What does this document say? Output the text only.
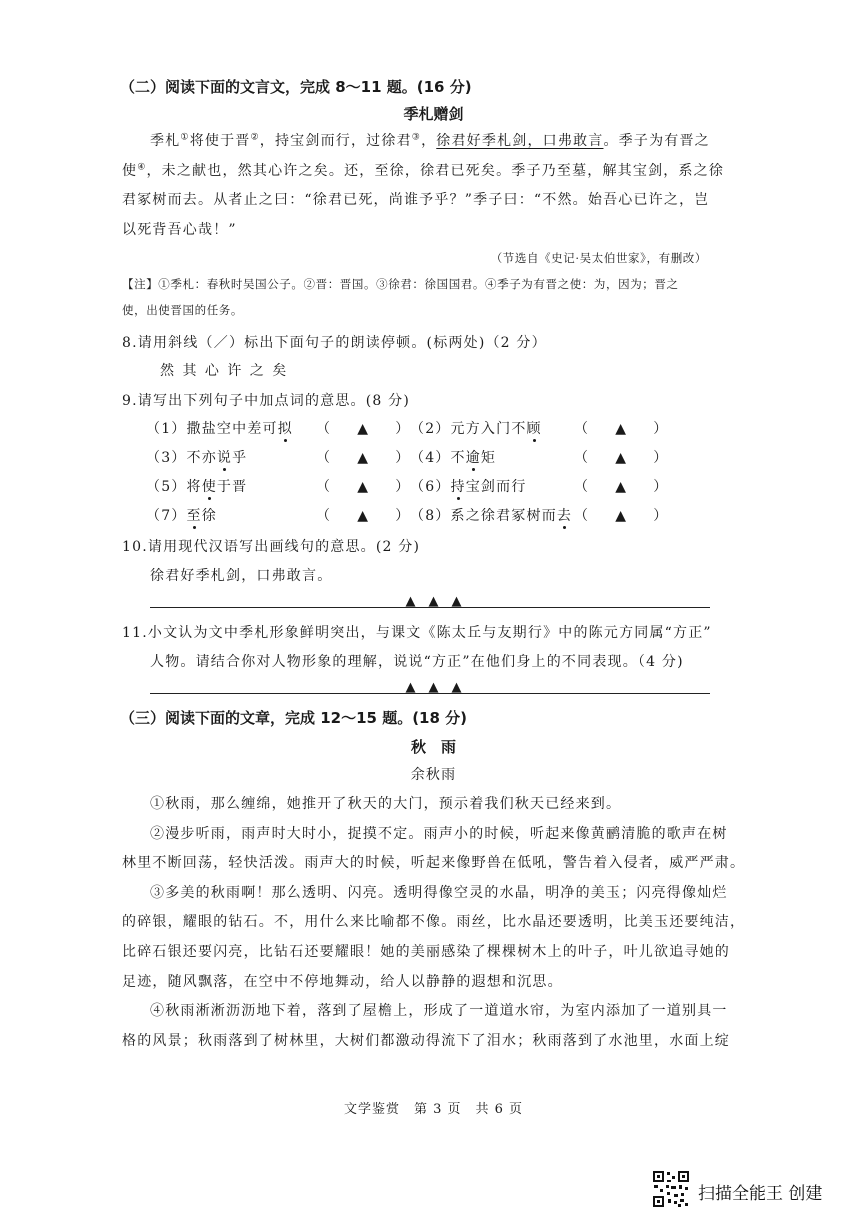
（二）阅读下面的文言文，完成 8～11 题。(16 分)
季札赠剑
季札①将使于晋②，持宝剑而行，过徐君③，徐君好季札剑，口弗敢言。季子为有晋之
使④，未之献也，然其心许之矣。还，至徐，徐君已死矣。季子乃至墓，解其宝剑，系之徐
君冢树而去。从者止之曰：“徐君已死，尚谁予乎？”季子曰：“不然。始吾心已许之，岂
以死背吾心哉！”
（节选自《史记·吴太伯世家》，有删改）
【注】①季札：春秋时吴国公子。②晋：晋国。③徐君：徐国国君。④季子为有晋之使：为，因为；晋之
使，出使晋国的任务。
8.请用斜线（／）标出下面句子的朗读停顿。(标两处)（2 分）
然 其 心 许 之 矣
9.请写出下列句子中加点词的意思。(8 分)
（1）撒盐空中差可拟 （ ▲ ） （2）元方入门不顾 （ ▲ ）
（3）不亦说乎	（ ▲ ） （4）不逾矩	（ ▲ ）
（5）将使于晋	（ ▲ ） （6）持宝剑而行	（ ▲ ）
（7）至徐	（ ▲ ） （8）系之徐君冢树而去 （ ▲ ）
10.请用现代汉语写出画线句的意思。(2 分)
徐君好季札剑，口弗敢言。
▲　▲　▲
11.小文认为文中季札形象鲜明突出，与课文《陈太丘与友期行》中的陈元方同属“方正”
人物。请结合你对人物形象的理解，说说“方正”在他们身上的不同表现。（4 分)
▲　▲　▲
（三）阅读下面的文章，完成 12～15 题。(18 分)
秋　雨
余秋雨
①秋雨，那么缠绵，她推开了秋天的大门，预示着我们秋天已经来到。
②漫步听雨，雨声时大时小，捉摸不定。雨声小的时候，听起来像黄鹂清脆的歌声在树
林里不断回荡，轻快活泼。雨声大的时候，听起来像野兽在低吼，警告着入侵者，威严严肃。
③多美的秋雨啊！那么透明、闪亮。透明得像空灵的水晶，明净的美玉；闪亮得像灿烂
的碎银，耀眼的钻石。不，用什么来比喻都不像。雨丝，比水晶还要透明，比美玉还要纯洁，
比碎石银还要闪亮，比钻石还要耀眼！她的美丽感染了棵棵树木上的叶子，叶儿欲追寻她的
足迹，随风飘落，在空中不停地舞动，给人以静静的遐想和沉思。
④秋雨淅淅沥沥地下着，落到了屋檐上，形成了一道道水帘，为室内添加了一道别具一
格的风景；秋雨落到了树林里，大树们都激动得流下了泪水；秋雨落到了水池里，水面上绽
文学鉴赏　第 3 页　共 6 页
扫描全能王 创建
